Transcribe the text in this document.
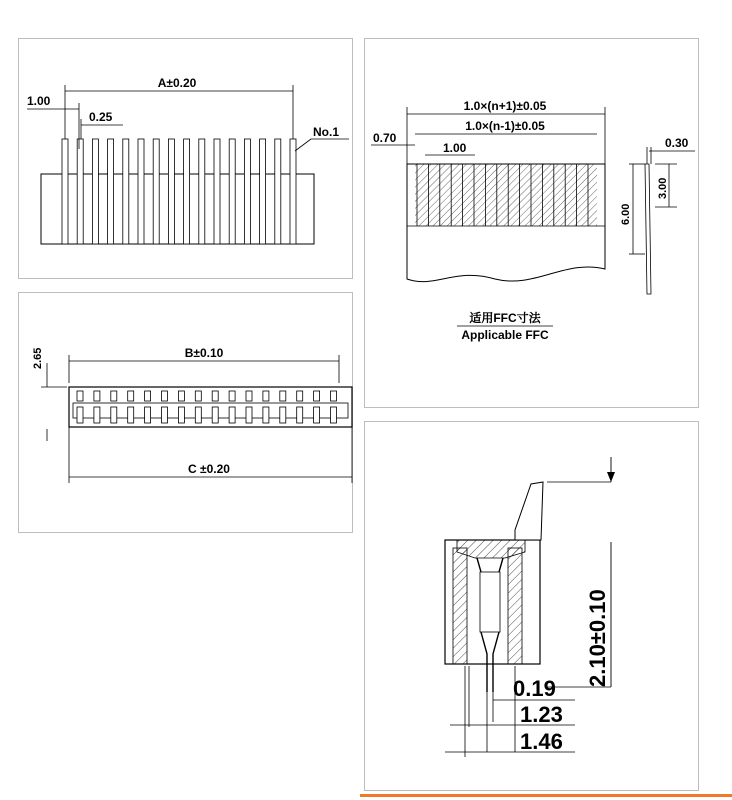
A±0.20
1.00
0.25
No.1
B±0.10
2.65
C ±0.20
1.0×(n+1)±0.05
1.0×(n-1)±0.05
0.70
1.00	0.30
6.00
3.00
适用FFC寸法
Applicable FFC
2.10±0.10
0.19
1.23
1.46
